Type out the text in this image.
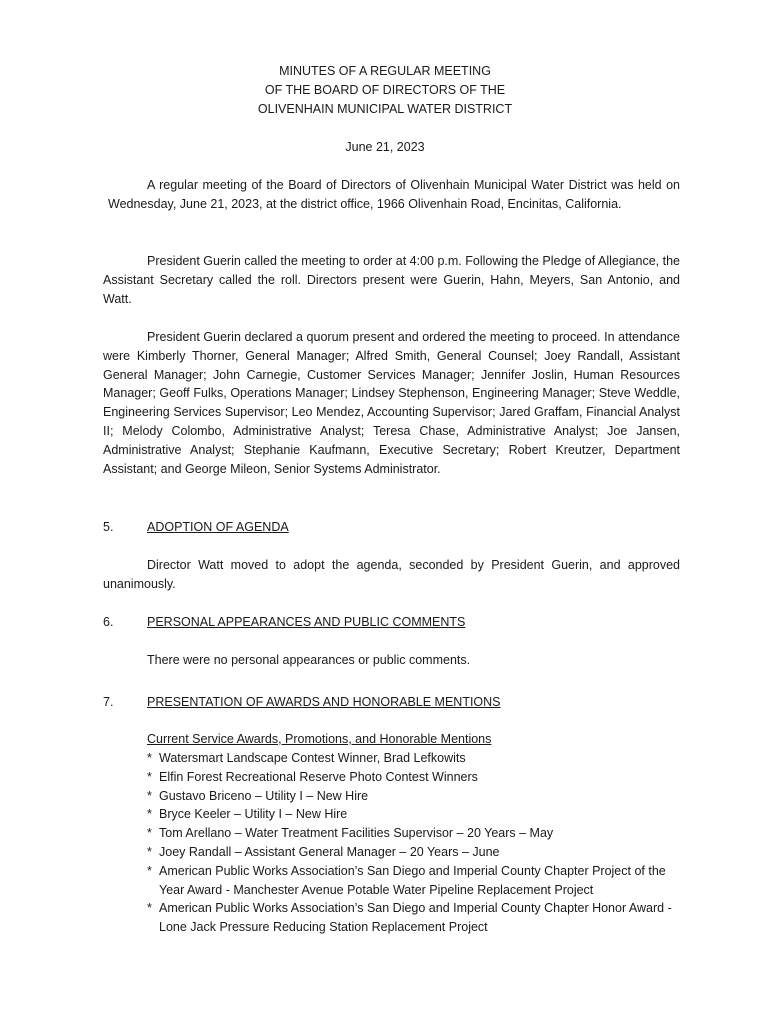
MINUTES OF A REGULAR MEETING
OF THE BOARD OF DIRECTORS OF THE
OLIVENHAIN MUNICIPAL WATER DISTRICT
June 21, 2023

A regular meeting of the Board of Directors of Olivenhain Municipal Water District was held on Wednesday, June 21, 2023, at the district office, 1966 Olivenhain Road, Encinitas, California.

President Guerin called the meeting to order at 4:00 p.m. Following the Pledge of Allegiance, the Assistant Secretary called the roll. Directors present were Guerin, Hahn, Meyers, San Antonio, and Watt.

President Guerin declared a quorum present and ordered the meeting to proceed. In attendance were Kimberly Thorner, General Manager; Alfred Smith, General Counsel; Joey Randall, Assistant General Manager; John Carnegie, Customer Services Manager; Jennifer Joslin, Human Resources Manager; Geoff Fulks, Operations Manager; Lindsey Stephenson, Engineering Manager; Steve Weddle, Engineering Services Supervisor; Leo Mendez, Accounting Supervisor; Jared Graffam, Financial Analyst II; Melody Colombo, Administrative Analyst; Teresa Chase, Administrative Analyst; Joe Jansen, Administrative Analyst; Stephanie Kaufmann, Executive Secretary; Robert Kreutzer, Department Assistant; and George Mileon, Senior Systems Administrator.

5.	ADOPTION OF AGENDA

Director Watt moved to adopt the agenda, seconded by President Guerin, and approved unanimously.

6.	PERSONAL APPEARANCES AND PUBLIC COMMENTS
There were no personal appearances or public comments.
7.	PRESENTATION OF AWARDS AND HONORABLE MENTIONS
Current Service Awards, Promotions, and Honorable Mentions
* Watersmart Landscape Contest Winner, Brad Lefkowits
* Elfin Forest Recreational Reserve Photo Contest Winners
* Gustavo Briceno – Utility I – New Hire
* Bryce Keeler – Utility I – New Hire
* Tom Arellano – Water Treatment Facilities Supervisor – 20 Years – May
* Joey Randall – Assistant General Manager – 20 Years – June
* American Public Works Association’s San Diego and Imperial County Chapter Project of the Year Award - Manchester Avenue Potable Water Pipeline Replacement Project
* American Public Works Association’s San Diego and Imperial County Chapter Honor Award - Lone Jack Pressure Reducing Station Replacement Project
